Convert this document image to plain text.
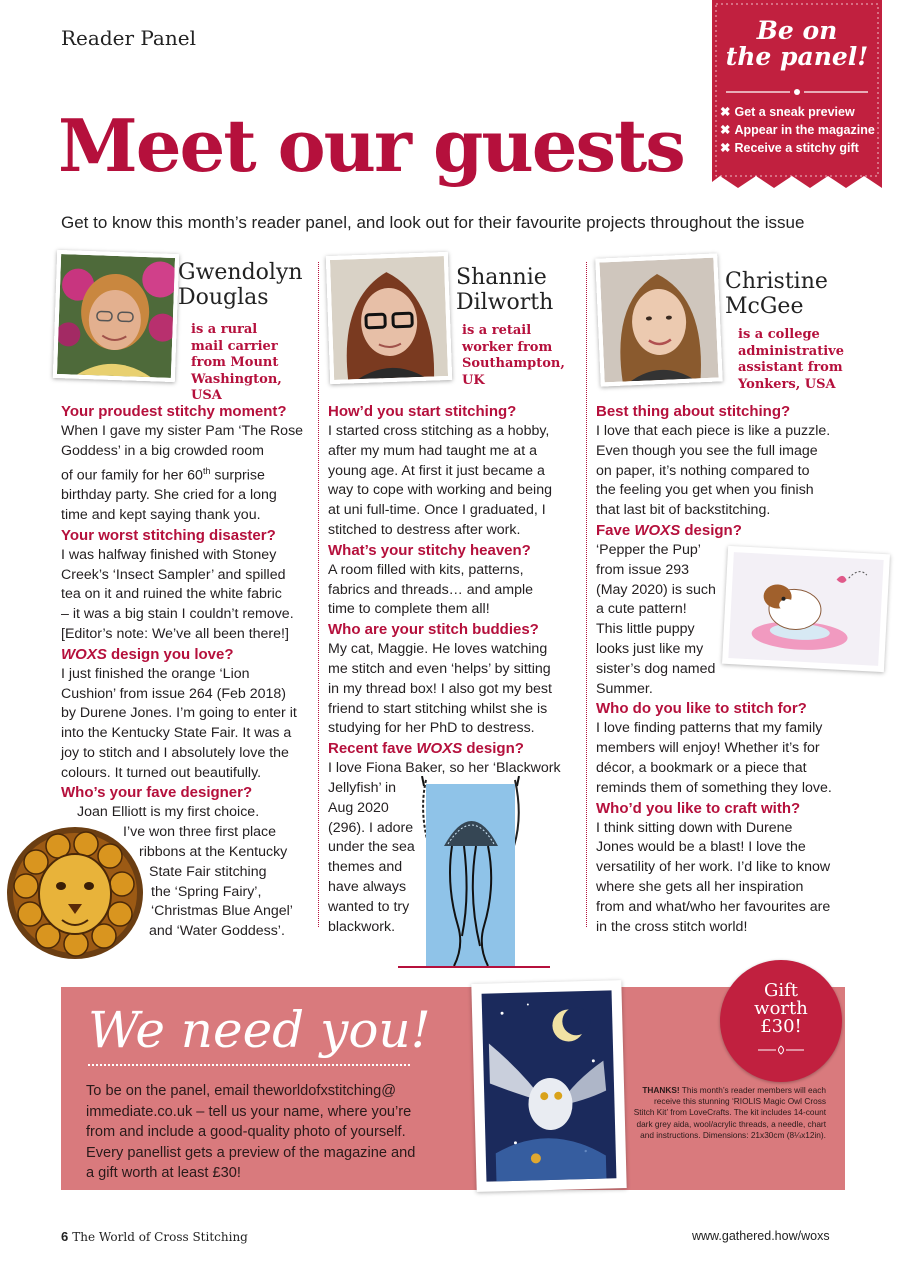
Reader Panel	Be on
the panel!
✖ Get a sneak preview
✖ Appear in the magazine
✖ Receive a stitchy gift
Meet our guests
Get to know this month’s reader panel, and look out for their favourite projects throughout the issue
Gwendolyn
Douglas
is a rural
mail carrier
from Mount
Washington, USA
Your proudest stitchy moment?
When I gave my sister Pam ‘The Rose
Goddess’ in a big crowded room
of our family for her 60th surprise
birthday party. She cried for a long
time and kept saying thank you.
Your worst stitching disaster?
I was halfway finished with Stoney
Creek’s ‘Insect Sampler’ and spilled
tea on it and ruined the white fabric
– it was a big stain I couldn’t remove.
[Editor’s note: We’ve all been there!]
WOXS design you love?
I just finished the orange ‘Lion
Cushion’ from issue 264 (Feb 2018)
by Durene Jones. I’m going to enter it
into the Kentucky State Fair. It was a
joy to stitch and I absolutely love the
colours. It turned out beautifully.
Who’s your fave designer?
Joan Elliott is my first choice.
I’ve won three first place
ribbons at the Kentucky
State Fair stitching
the ‘Spring Fairy’,
‘Christmas Blue Angel’
and ‘Water Goddess’.
Shannie
Dilworth
is a retail
worker from
Southampton,
UK
How’d you start stitching?
I started cross stitching as a hobby,
after my mum had taught me at a
young age. At first it just became a
way to cope with working and being
at uni full-time. Once I graduated, I
stitched to destress after work.
What’s your stitchy heaven?
A room filled with kits, patterns,
fabrics and threads… and ample
time to complete them all!
Who are your stitch buddies?
My cat, Maggie. He loves watching
me stitch and even ‘helps’ by sitting
in my thread box! I also got my best
friend to start stitching whilst she is
studying for her PhD to destress.
Recent fave WOXS design?
I love Fiona Baker, so her ‘Blackwork
Jellyfish’ in
Aug 2020
(296). I adore
under the sea
themes and
have always
wanted to try
blackwork.
Christine
McGee
is a college
administrative
assistant from
Yonkers, USA
Best thing about stitching?
I love that each piece is like a puzzle.
Even though you see the full image
on paper, it’s nothing compared to
the feeling you get when you finish
that last bit of backstitching.
Fave WOXS design?
‘Pepper the Pup’
from issue 293
(May 2020) is such
a cute pattern!
This little puppy
looks just like my
sister’s dog named
Summer.
Who do you like to stitch for?
I love finding patterns that my family
members will enjoy! Whether it’s for
décor, a bookmark or a piece that
reminds them of something they love.
Who’d you like to craft with?
I think sitting down with Durene
Jones would be a blast! I love the
versatility of her work. I’d like to know
where she gets all her inspiration
from and what/who her favourites are
in the cross stitch world!
We need you!
To be on the panel, email theworldofxstitching@ immediate.co.uk – tell us your name, where you’re from and include a good-quality photo of yourself. Every panellist gets a preview of the magazine and a gift worth at least £30!
Gift
worth
£30!
THANKS! This month’s reader members will each receive this stunning ‘RIOLIS Magic Owl Cross Stitch Kit’ from LoveCrafts. The kit includes 14-count dark grey aida, wool/acrylic threads, a needle, chart and instructions. Dimensions: 21x30cm (8¼x12in).
6 The World of Cross Stitching	www.gathered.how/woxs
